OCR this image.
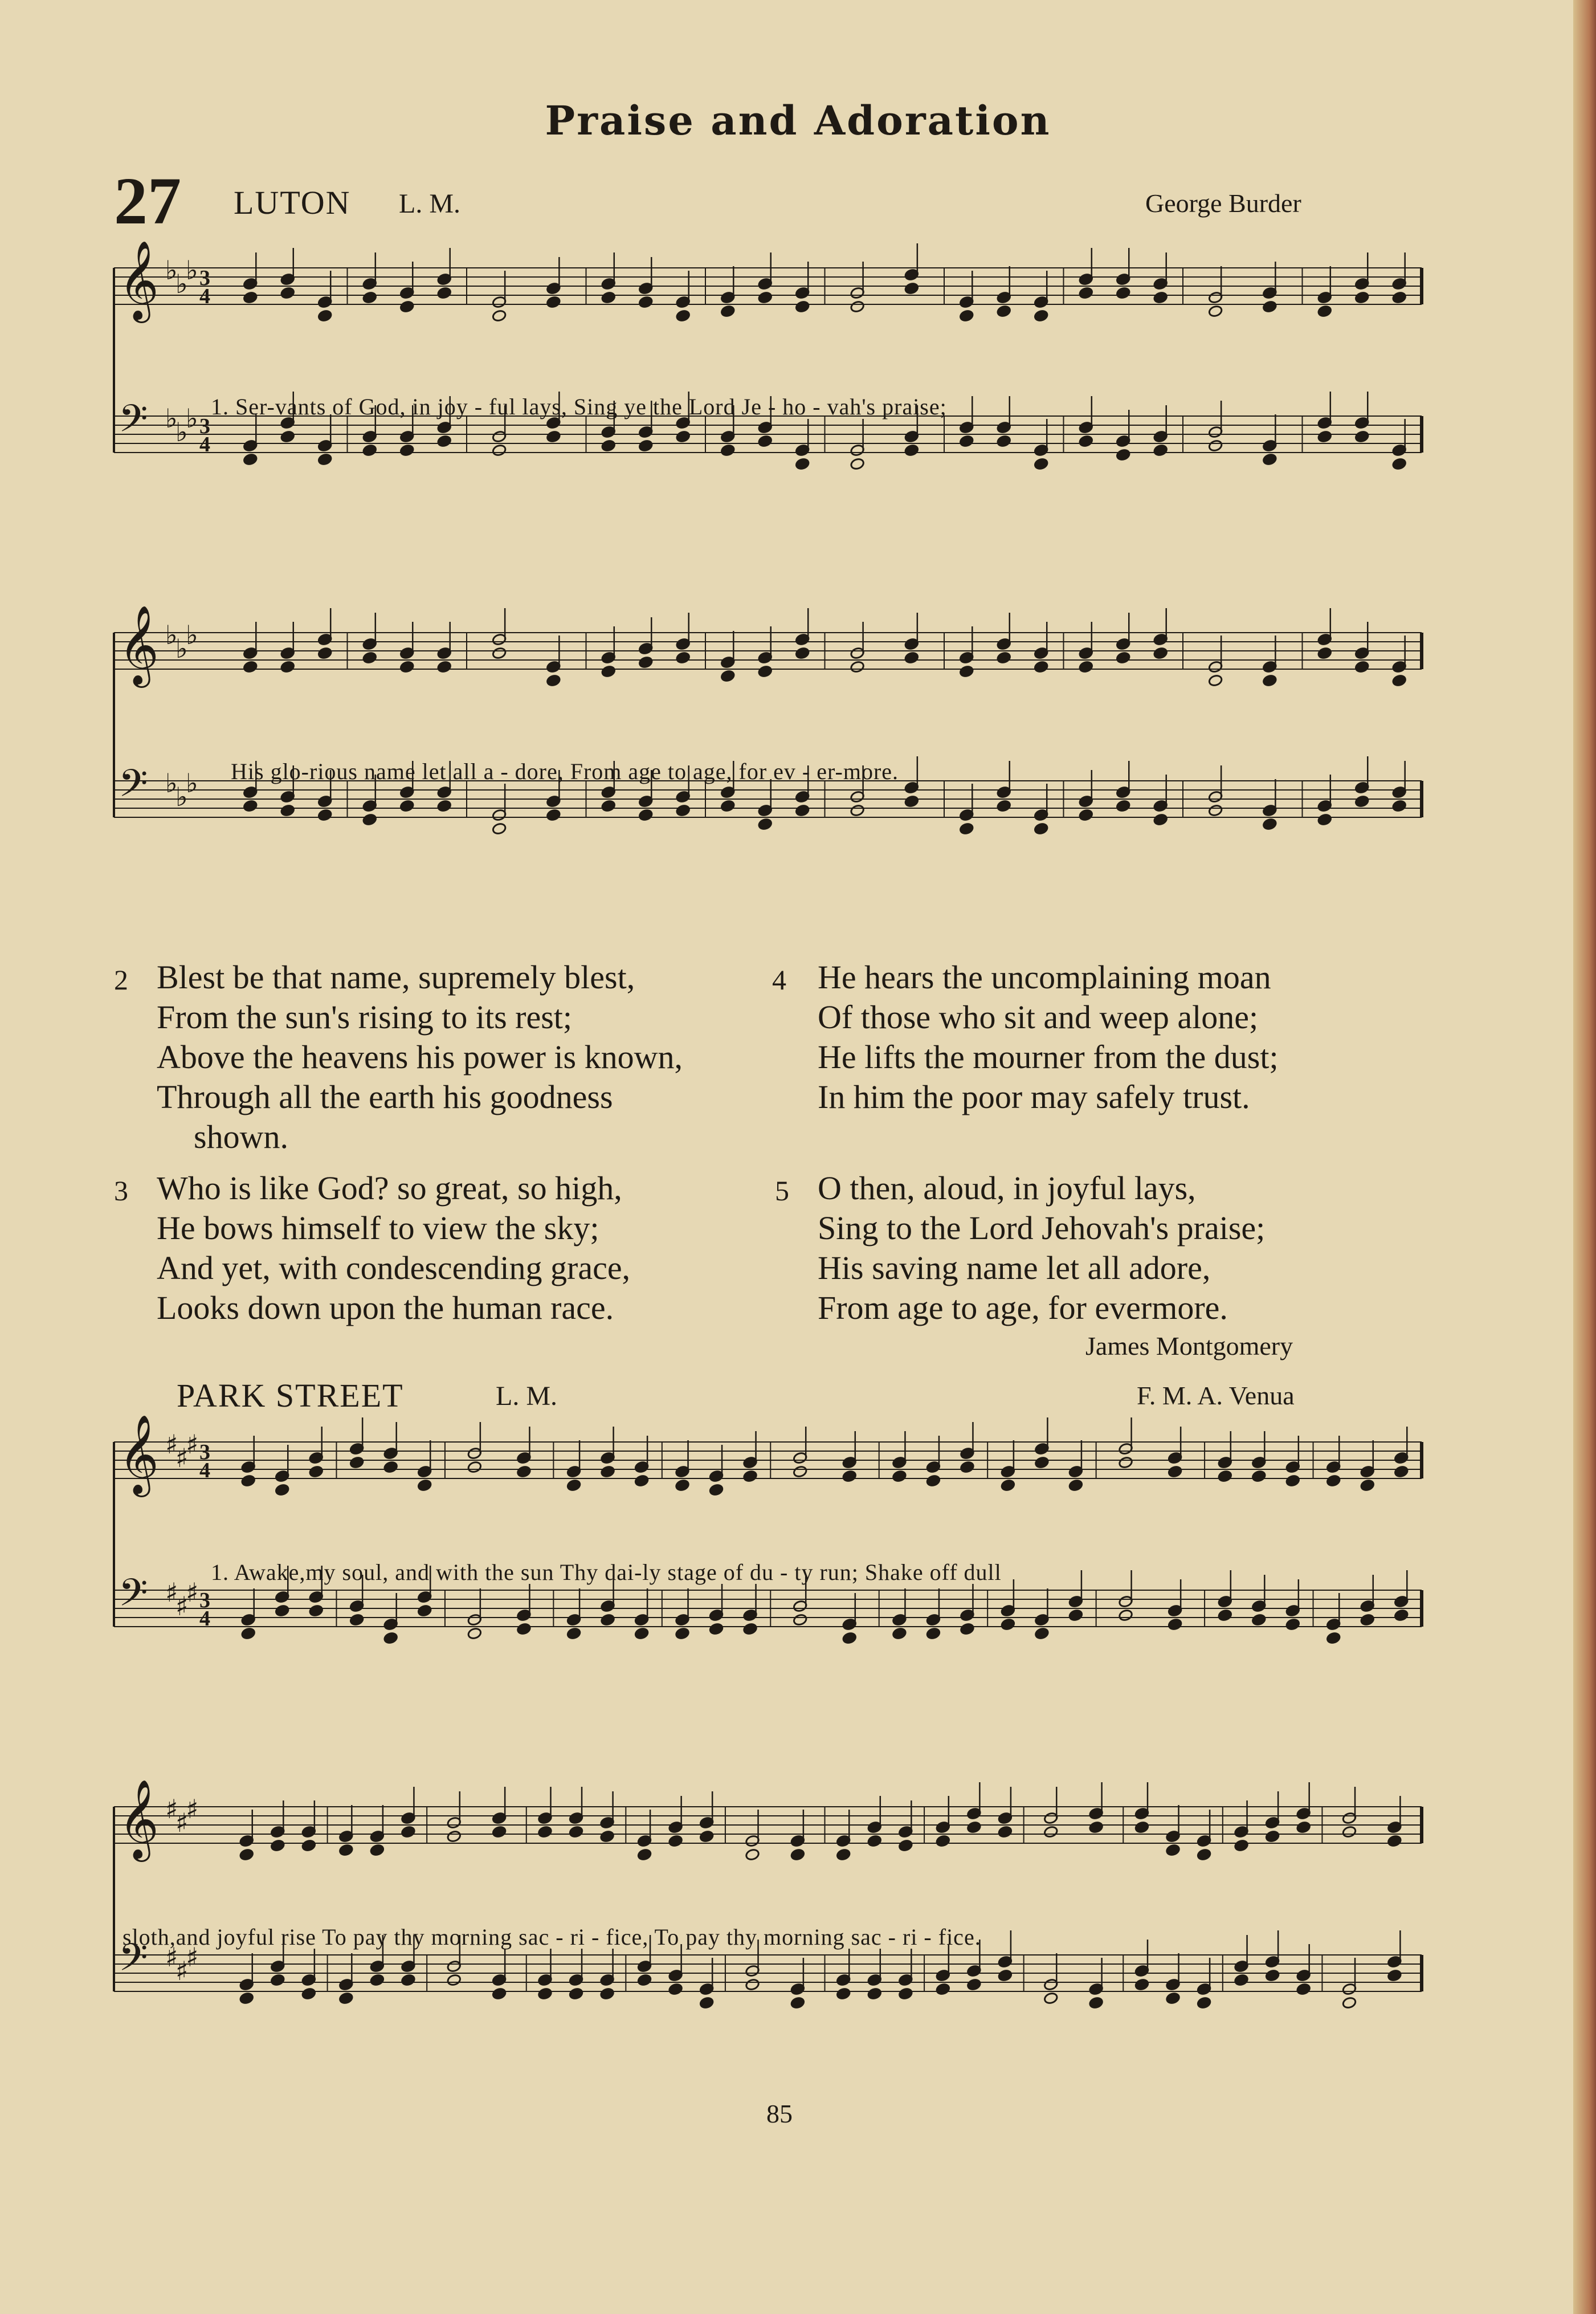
Praise and Adoration
27 LUTON L. M.	George Burder
𝄞 ♭
♭
♭ 3
4
𝄢 ♭
♭
♭ 3
4
1. Ser-vants of God, in joy - ful lays, Sing ye the Lord Je - ho - vah's praise;
𝄞 ♭
♭
♭
𝄢 ♭
♭
♭ His glo-rious name let all a - dore, From age to age, for ev - er-more.
2 Blest be that name, supremely blest,
From the sun's rising to its rest;
Above the heavens his power is known,
Through all the earth his goodness
shown.
3 Who is like God? so great, so high,
He bows himself to view the sky;
And yet, with condescending grace,
Looks down upon the human race.
4 He hears the uncomplaining moan
Of those who sit and weep alone;
He lifts the mourner from the dust;
In him the poor may safely trust.
5 O then, aloud, in joyful lays,
Sing to the Lord Jehovah's praise;
His saving name let all adore,
From age to age, for evermore.
James Montgomery
PARK STREET	L. M.	F. M. A. Venua
𝄞 ♯
♯
♯ 3
4
𝄢 ♯
♯
♯ 3
4
1. Awake,my soul, and with the sun Thy dai-ly stage of du - ty run; Shake off dull
𝄞 ♯
♯
♯
𝄢 ♯
♯
♯
sloth,and joyful rise To pay thy morning sac - ri - fice, To pay thy morning sac - ri - fice.
85
